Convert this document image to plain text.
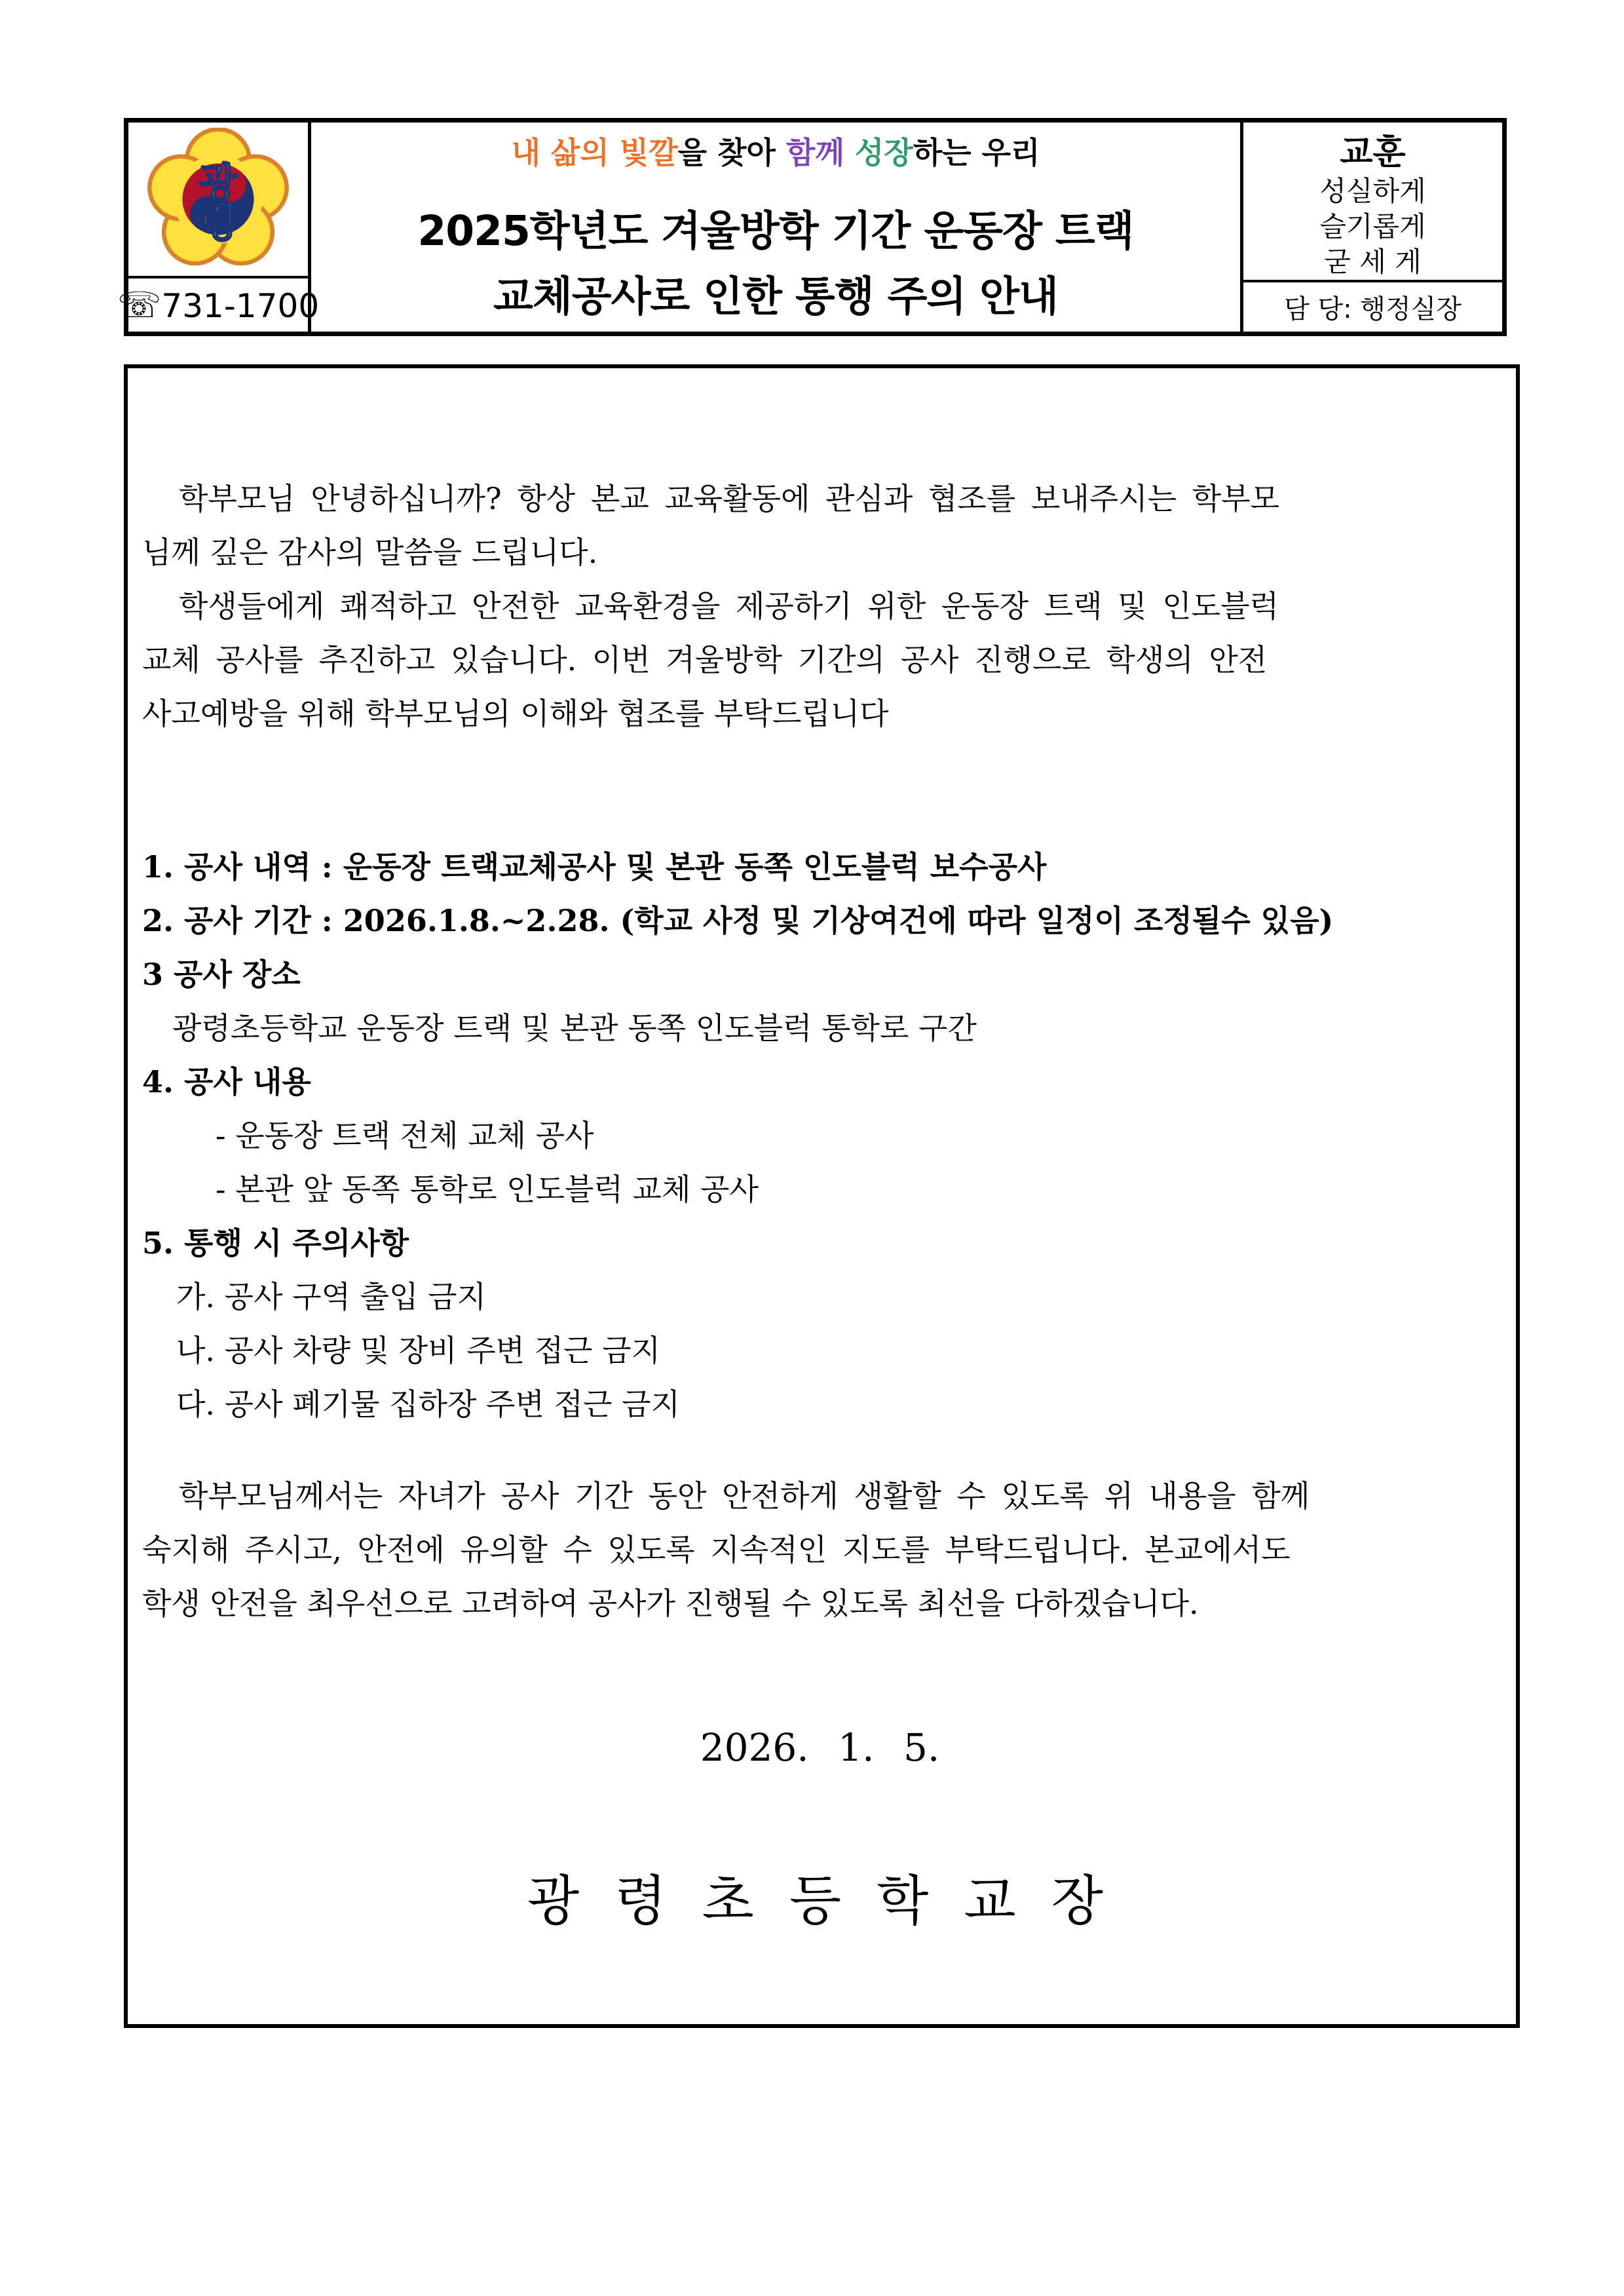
광
령
☏731-1700
내 삶의 빛깔을 찾아 함께 성장하는 우리
2025학년도 겨울방학 기간 운동장 트랙
교체공사로 인한 통행 주의 안내
교훈
성실하게
슬기롭게
굳 세 게
담 당: 행정실장
학부모님 안녕하십니까? 항상 본교 교육활동에 관심과 협조를 보내주시는 학부모
님께 깊은 감사의 말씀을 드립니다.
학생들에게 쾌적하고 안전한 교육환경을 제공하기 위한 운동장 트랙 및 인도블럭
교체 공사를 추진하고 있습니다. 이번 겨울방학 기간의 공사 진행으로 학생의 안전
사고예방을 위해 학부모님의 이해와 협조를 부탁드립니다
1. 공사 내역 : 운동장 트랙교체공사 및 본관 동쪽 인도블럭 보수공사
2. 공사 기간 : 2026.1.8.~2.28. (학교 사정 및 기상여건에 따라 일정이 조정될수 있음)
3 공사 장소
광령초등학교 운동장 트랙 및 본관 동쪽 인도블럭 통학로 구간
4. 공사 내용
- 운동장 트랙 전체 교체 공사
- 본관 앞 동쪽 통학로 인도블럭 교체 공사
5. 통행 시 주의사항
가. 공사 구역 출입 금지
나. 공사 차량 및 장비 주변 접근 금지
다. 공사 폐기물 집하장 주변 접근 금지
학부모님께서는 자녀가 공사 기간 동안 안전하게 생활할 수 있도록 위 내용을 함께
숙지해 주시고, 안전에 유의할 수 있도록 지속적인 지도를 부탁드립니다. 본교에서도
학생 안전을 최우선으로 고려하여 공사가 진행될 수 있도록 최선을 다하겠습니다.
2026. 1. 5.
광 령 초 등 학 교 장
